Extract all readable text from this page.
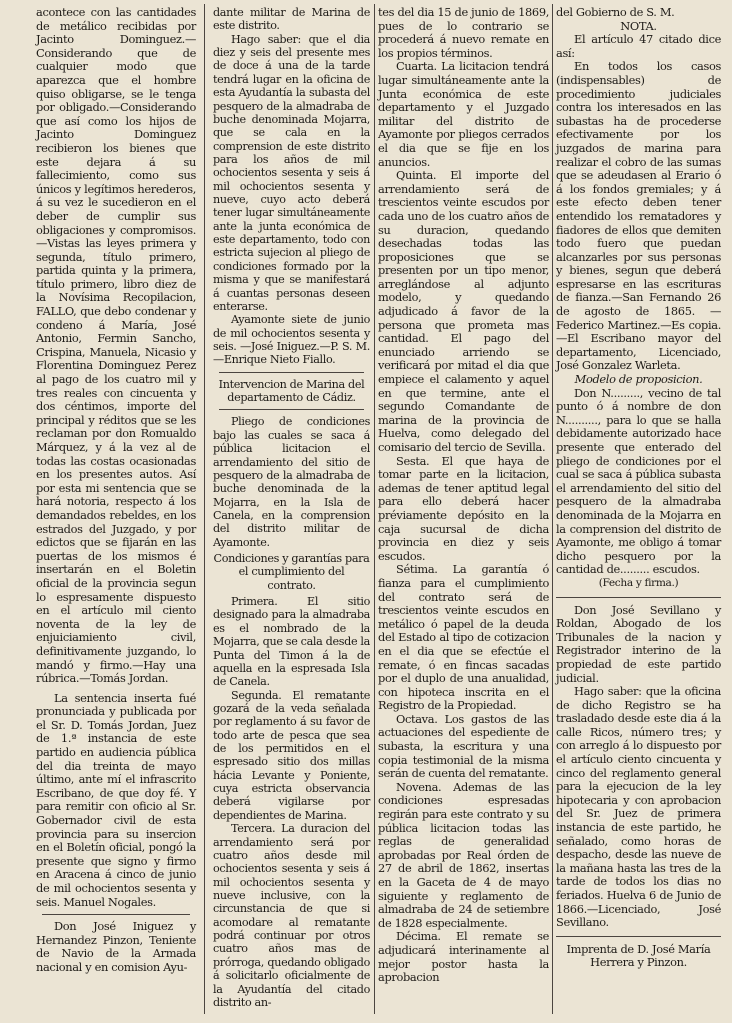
acontece con las cantidades de metálico recibidas por Jacinto Dominguez.—Considerando que de cualquier modo que aparezca que el hombre quiso obligarse, se le tenga por obligado.—Considerando que así como los hijos de Jacinto Dominguez recibieron los bienes que este dejara á su fallecimiento, como sus únicos y legítimos herederos, á su vez le sucedieron en el deber de cumplir sus obligaciones y compromisos.—Vistas las leyes primera y segunda, título primero, partida quinta y la primera, título primero, libro diez de la Novísima Recopilacion, FALLO, que debo condenar y condeno á María, José Antonio, Fermin Sancho, Crispina, Manuela, Nicasio y Florentina Dominguez Perez al pago de los cuatro mil y tres reales con cincuenta y dos céntimos, importe del principal y réditos que se les reclaman por don Romualdo Márquez, y á la vez al de todas las costas ocasionadas en los presentes autos. Así por esta mi sentencia que se hará notoria, respecto á los demandados rebeldes, en los estrados del Juzgado, y por edictos que se fijarán en las puertas de los mismos é insertarán en el Boletin oficial de la provincia segun lo espresamente dispuesto en el artículo mil ciento noventa de la ley de enjuiciamiento civil, definitivamente juzgando, lo mandó y firmo.—Hay una rúbrica.—Tomás Jordan.

La sentencia inserta fué pronunciada y publicada por el Sr. D. Tomás Jordan, Juez de 1.ª instancia de este partido en audiencia pública del dia treinta de mayo último, ante mí el infrascrito Escribano, de que doy fé. Y para remitir con oficio al Sr. Gobernador civil de esta provincia para su insercion en el Boletín oficial, pongó la presente que signo y firmo en Aracena á cinco de junio de mil ochocientos sesenta y seis. Manuel Nogales.

Don José Iniguez y Hernandez Pinzon, Teniente de Navio de la Armada nacional y en comision Ayu-

dante militar de Marina de este distrito.

Hago saber: que el dia diez y seis del presente mes de doce á una de la tarde tendrá lugar en la oficina de esta Ayudantía la subasta del pesquero de la almadraba de buche denominada Mojarra, que se cala en la comprension de este distrito para los años de mil ochocientos sesenta y seis á mil ochocientos sesenta y nueve, cuyo acto deberá tener lugar simultáneamente ante la junta económica de este departamento, todo con estricta sujecion al pliego de condiciones formado por la misma y que se manifestará á cuantas personas deseen enterarse.

Ayamonte siete de junio de mil ochocientos sesenta y seis. —José Iniguez.—P. S. M. —Enrique Nieto Fiallo.

Intervencion de Marina del departamento de Cádiz.

Pliego de condiciones bajo las cuales se saca á pública licitacion el arrendamiento del sitio de pesquero de la almadraba de buche denominada de la Mojarra, en la Isla de Canela, en la comprension del distrito militar de Ayamonte.

Condiciones y garantías para el cumplimiento del contrato.

Primera. El sitio designado para la almadraba es el nombrado de la Mojarra, que se cala desde la Punta del Timon á la de aquella en la espresada Isla de Canela.

Segunda. El rematante gozará de la veda señalada por reglamento á su favor de todo arte de pesca que sea de los permitidos en el espresado sitio dos millas hácia Levante y Poniente, cuya estricta observancia deberá vigilarse por dependientes de Marina.

Tercera. La duracion del arrendamiento será por cuatro años desde mil ochocientos sesenta y seis á mil ochocientos sesenta y nueve inclusive, con la circunstancia de que si acomodare al rematante podrá continuar por otros cuatro años mas de prórroga, quedando obligado á solicitarlo oficialmente de la Ayudantía del citado distrito an-

tes del dia 15 de junio de 1869, pues de lo contrario se procederá á nuevo remate en los propios términos.

Cuarta. La licitacion tendrá lugar simultáneamente ante la Junta económica de este departamento y el Juzgado militar del distrito de Ayamonte por pliegos cerrados el dia que se fije en los anuncios.

Quinta. El importe del arrendamiento será de trescientos veinte escudos por cada uno de los cuatro años de su duracion, quedando desechadas todas las proposiciones que se presenten por un tipo menor, arreglándose al adjunto modelo, y quedando adjudicado á favor de la persona que prometa mas cantidad. El pago del enunciado arriendo se verificará por mitad el dia que empiece el calamento y aquel en que termine, ante el segundo Comandante de marina de la provincia de Huelva, como delegado del comisario del tercio de Sevilla.

Sesta. El que haya de tomar parte en la licitacion, ademas de tener aptitud legal para ello deberá hacer préviamente depósito en la caja sucursal de dicha provincia en diez y seis escudos.

Sétima. La garantía ó fianza para el cumplimiento del contrato será de trescientos veinte escudos en metálico ó papel de la deuda del Estado al tipo de cotizacion en el dia que se efectúe el remate, ó en fincas sacadas por el duplo de una anualidad, con hipoteca inscrita en el Registro de la Propiedad.

Octava. Los gastos de las actuaciones del espediente de subasta, la escritura y una copia testimonial de la misma serán de cuenta del rematante.

Novena. Ademas de las condiciones espresadas regirán para este contrato y su pública licitacion todas las reglas de generalidad aprobadas por Real órden de 27 de abril de 1862, insertas en la Gaceta de 4 de mayo siguiente y reglamento de almadraba de 24 de setiembre de 1828 especialmente.

Décima. El remate se adjudicará interinamente al mejor postor hasta la aprobacion

del Gobierno de S. M.

NOTA.

El artículo 47 citado dice así:

En todos los casos (indispensables) de procedimiento judiciales contra los interesados en las subastas ha de procederse efectivamente por los juzgados de marina para realizar el cobro de las sumas que se adeudasen al Erario ó á los fondos gremiales; y á este efecto deben tener entendido los rematadores y fiadores de ellos que demiten todo fuero que puedan alcanzarles por sus personas y bienes, segun que deberá espresarse en las escrituras de fianza.—San Fernando 26 de agosto de 1865. —Federico Martinez.—Es copia.—El Escribano mayor del departamento, Licenciado, José Gonzalez Warleta.

Modelo de proposicion.

Don N........., vecino de tal punto ó á nombre de don N.........., para lo que se halla debidamente autorizado hace presente que enterado del pliego de condiciones por el cual se saca á pública subasta el arrendamiento del sitio del pesquero de la almadraba denominada de la Mojarra en la comprension del distrito de Ayamonte, me obligo á tomar dicho pesquero por la cantidad de......... escudos.

(Fecha y firma.)

Don José Sevillano y Roldan, Abogado de los Tribunales de la nacion y Registrador interino de la propiedad de este partido judicial.

Hago saber: que la oficina de dicho Registro se ha trasladado desde este dia á la calle Ricos, número tres; y con arreglo á lo dispuesto por el artículo ciento cincuenta y cinco del reglamento general para la ejecucion de la ley hipotecaria y con aprobacion del Sr. Juez de primera instancia de este partido, he señalado, como horas de despacho, desde las nueve de la mañana hasta las tres de la tarde de todos los dias no feriados. Huelva 6 de Junio de 1866.—Licenciado, José Sevillano.

Imprenta de D. José María Herrera y Pinzon.
